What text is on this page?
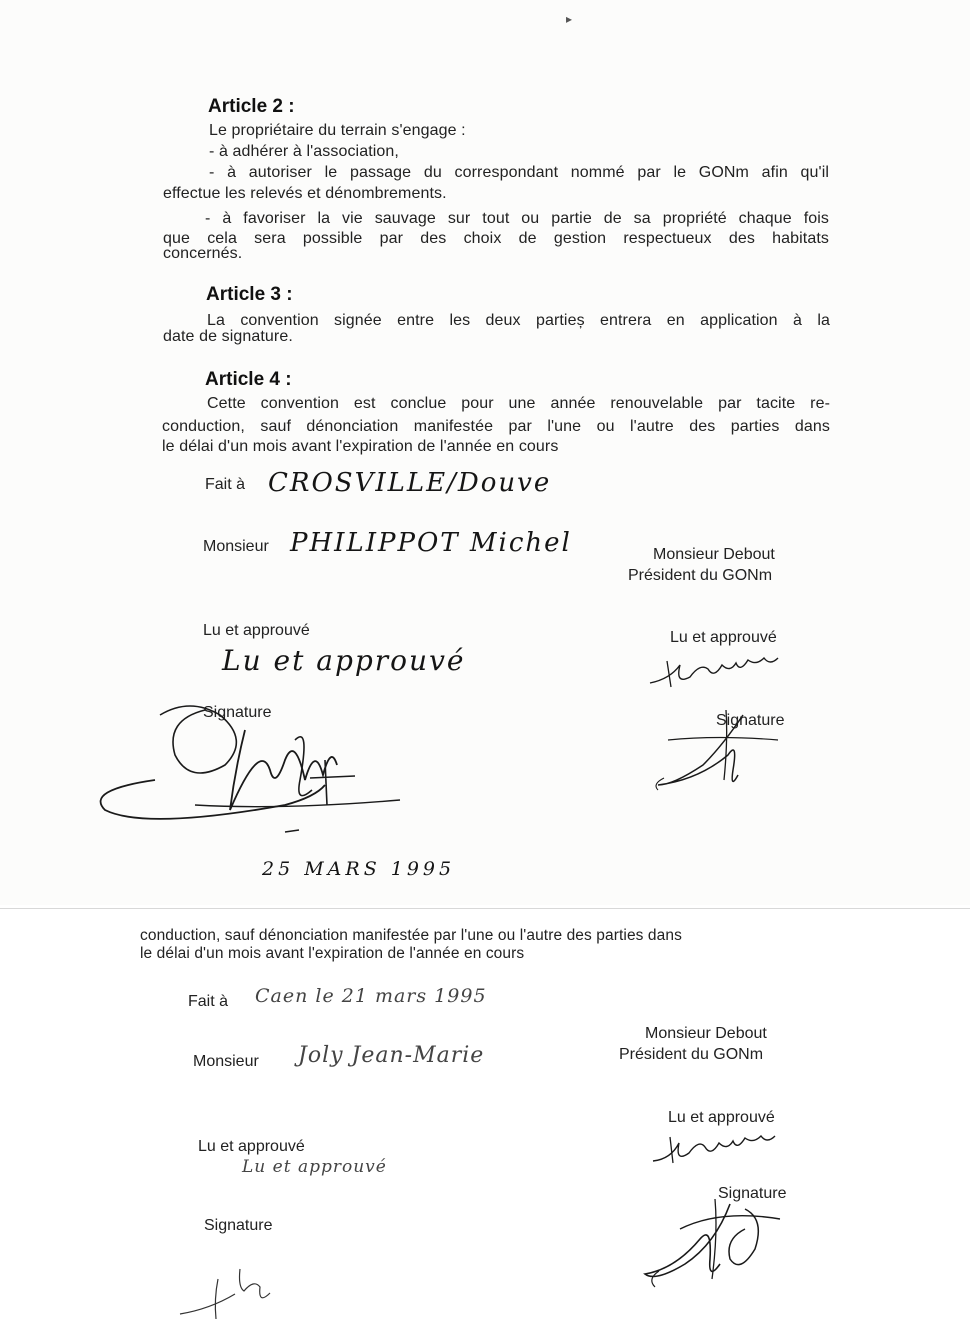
▸
Article 2 :
Le propriétaire du terrain s'engage :
- à adhérer à l'association,
- à autoriser le passage du correspondant nommé par le GONm afin qu'il
effectue les relevés et dénombrements.
- à favoriser la vie sauvage sur tout ou partie de sa propriété chaque fois
que cela sera possible par des choix de gestion respectueux des habitats
concernés.
Article 3 :
La convention signée entre les deux partieș entrera en application à la
date de signature.
Article 4 :
Cette convention est conclue pour une année renouvelable par tacite re-
conduction, sauf dénonciation manifestée par l'une ou l'autre des parties dans
le délai d'un mois avant l'expiration de l'année en cours
Fait à CROSVILLE/Douve
Monsieur PHILIPPOT Michel	Monsieur Debout
Président du GONm
Lu et approuvé
Lu et approuvé
Lu et approuvé
Signature	Signature
25 MARS 1995
conduction, sauf dénonciation manifestée par l'une ou l'autre des parties dans
le délai d'un mois avant l'expiration de l'année en cours
Fait à Caen le 21 mars 1995
Monsieur Joly Jean-Marie
Monsieur Debout
Président du GONm
Lu et approuvé
Lu et approuvé
Lu et approuvé
Signature
Signature
